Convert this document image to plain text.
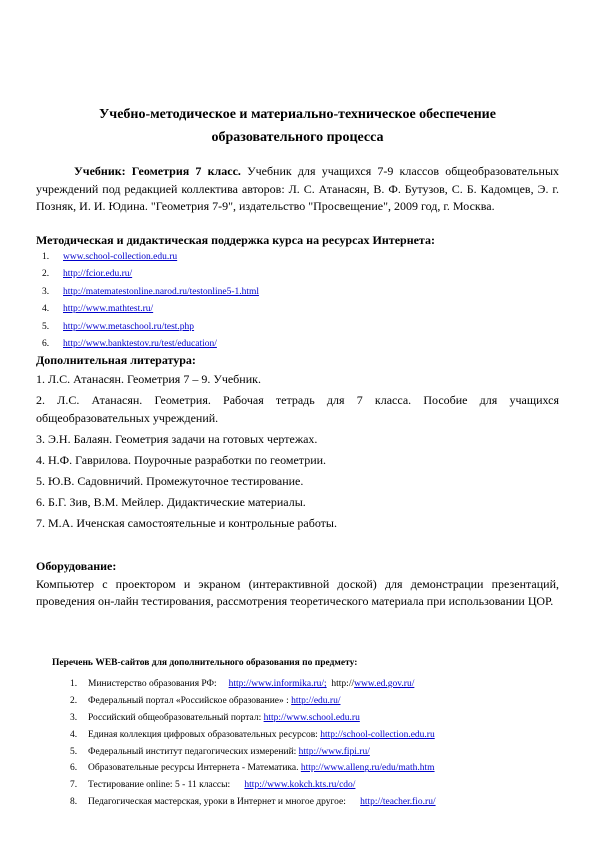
Учебно-методическое и материально-техническое обеспечение
образовательного процесса
Учебник: Геометрия 7 класс. Учебник для учащихся 7-9 классов общеобразовательных учреждений под редакцией коллектива авторов: Л. С. Атанасян, В. Ф. Бутузов, С. Б. Кадомцев, Э. г. Позняк, И. И. Юдина. "Геометрия 7-9", издательство "Просвещение", 2009 год, г. Москва.
Методическая и дидактическая поддержка курса на ресурсах Интернета:
1. www.school-collection.edu.ru
2. http://fcior.edu.ru/
3. http://matematestonline.narod.ru/testonline5-1.html
4. http://www.mathtest.ru/
5. http://www.metaschool.ru/test.php
6. http://www.banktestov.ru/test/education/
Дополнительная литература:

1. Л.С. Атанасян. Геометрия 7 – 9. Учебник.

2. Л.С. Атанасян. Геометрия. Рабочая тетрадь для 7 класса. Пособие для учащихся общеобразовательных учреждений.

3. Э.Н. Балаян. Геометрия задачи на готовых чертежах.

4. Н.Ф. Гаврилова. Поурочные разработки по геометрии.

5. Ю.В. Садовничий. Промежуточное тестирование.

6. Б.Г. Зив, В.М. Мейлер. Дидактические материалы.

7. М.А. Иченская самостоятельные и контрольные работы.

Оборудование:
Компьютер с проектором и экраном (интерактивной доской) для демонстрации презентаций, проведения он-лайн тестирования, рассмотрения теоретического материала при использовании ЦОР.
Перечень WEB-сайтов для дополнительного образования по предмету:
1. Министерство образования РФ: http://www.informika.ru/; http://www.ed.gov.ru/
2. Федеральный портал «Российское образование» : http://edu.ru/
3. Российский общеобразовательный портал: http://www.school.edu.ru
4. Единая коллекция цифровых образовательных ресурсов: http://school-collection.edu.ru
5. Федеральный институт педагогических измерений: http://www.fipi.ru/
6. Образовательные ресурсы Интернета - Математика. http://www.alleng.ru/edu/math.htm
7. Тестирование online: 5 - 11 классы: http://www.kokch.kts.ru/cdo/
8. Педагогическая мастерская, уроки в Интернет и многое другое: http://teacher.fio.ru/
